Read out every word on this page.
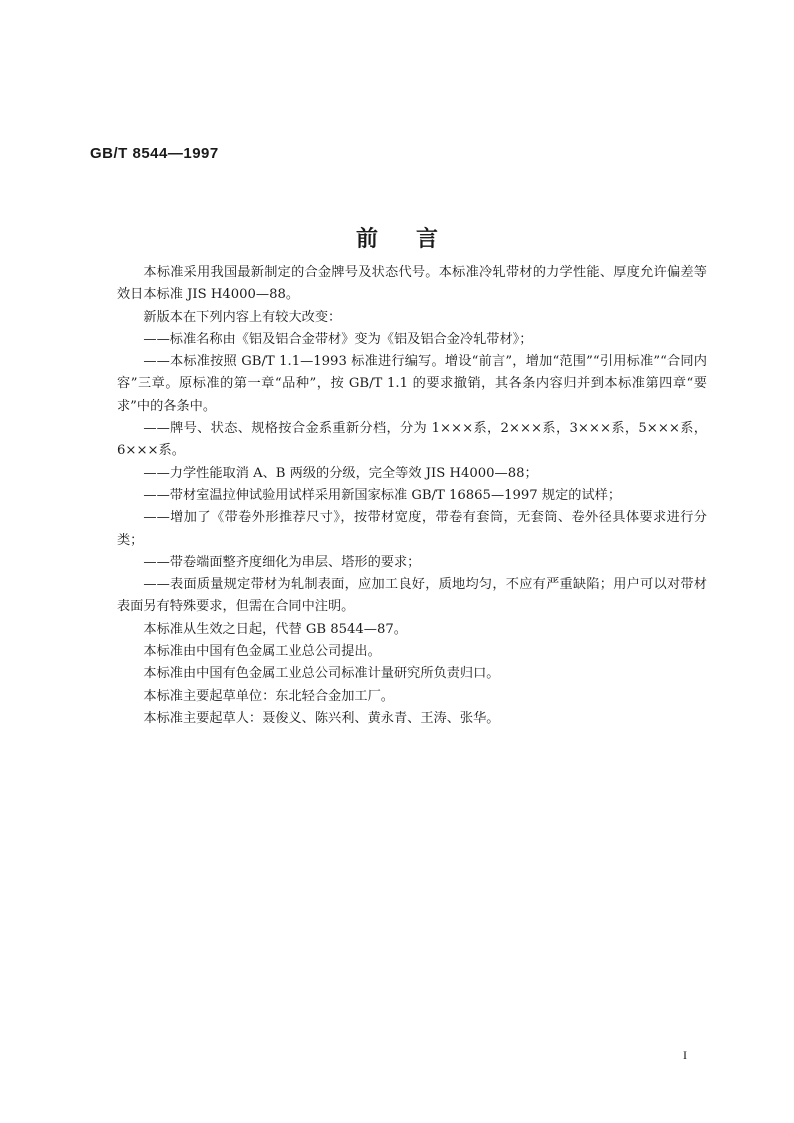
GB/T 8544—1997
前言

本标准采用我国最新制定的合金牌号及状态代号。本标准冷轧带材的力学性能、厚度允许偏差等效日本标准 JIS H4000—88。

新版本在下列内容上有较大改变：

——标准名称由《铝及铝合金带材》变为《铝及铝合金冷轧带材》；

——本标准按照 GB/T 1.1—1993 标准进行编写。增设“前言”，增加“范围”“引用标准”“合同内容”三章。原标准的第一章“品种”，按 GB/T 1.1 的要求撤销，其各条内容归并到本标准第四章“要求”中的各条中。

——牌号、状态、规格按合金系重新分档，分为 1×××系，2×××系，3×××系，5×××系，6×××系。

——力学性能取消 A、B 两级的分级，完全等效 JIS H4000—88；

——带材室温拉伸试验用试样采用新国家标准 GB/T 16865—1997 规定的试样；

——增加了《带卷外形推荐尺寸》，按带材宽度，带卷有套筒，无套筒、卷外径具体要求进行分类；

——带卷端面整齐度细化为串层、塔形的要求；

——表面质量规定带材为轧制表面，应加工良好，质地均匀，不应有严重缺陷；用户可以对带材表面另有特殊要求，但需在合同中注明。

本标准从生效之日起，代替 GB 8544—87。

本标准由中国有色金属工业总公司提出。

本标准由中国有色金属工业总公司标准计量研究所负责归口。

本标准主要起草单位：东北轻合金加工厂。

本标准主要起草人：聂俊义、陈兴利、黄永青、王涛、张华。

I
